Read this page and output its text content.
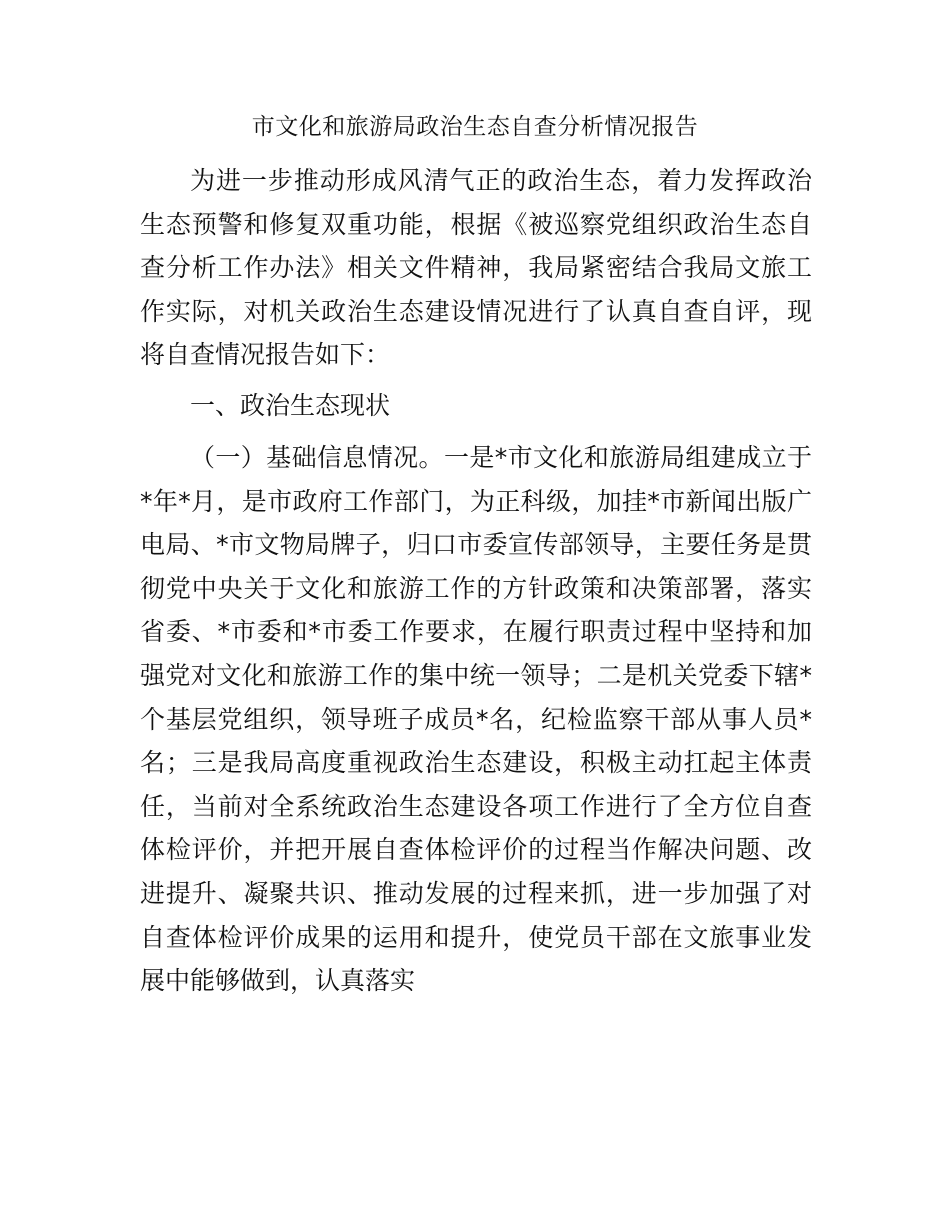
市文化和旅游局政治生态自查分析情况报告

为进一步推动形成风清气正的政治生态，着力发挥政治生态预警和修复双重功能，根据《被巡察党组织政治生态自查分析工作办法》相关文件精神，我局紧密结合我局文旅工作实际，对机关政治生态建设情况进行了认真自查自评，现将自查情况报告如下：

一、政治生态现状

（一）基础信息情况。一是*市文化和旅游局组建成立于*年*月，是市政府工作部门，为正科级，加挂*市新闻出版广电局、*市文物局牌子，归口市委宣传部领导，主要任务是贯彻党中央关于文化和旅游工作的方针政策和决策部署，落实省委、*市委和*市委工作要求，在履行职责过程中坚持和加强党对文化和旅游工作的集中统一领导；二是机关党委下辖*个基层党组织，领导班子成员*名，纪检监察干部从事人员*名；三是我局高度重视政治生态建设，积极主动扛起主体责任，当前对全系统政治生态建设各项工作进行了全方位自查体检评价，并把开展自查体检评价的过程当作解决问题、改进提升、凝聚共识、推动发展的过程来抓，进一步加强了对自查体检评价成果的运用和提升，使党员干部在文旅事业发展中能够做到，认真落实
